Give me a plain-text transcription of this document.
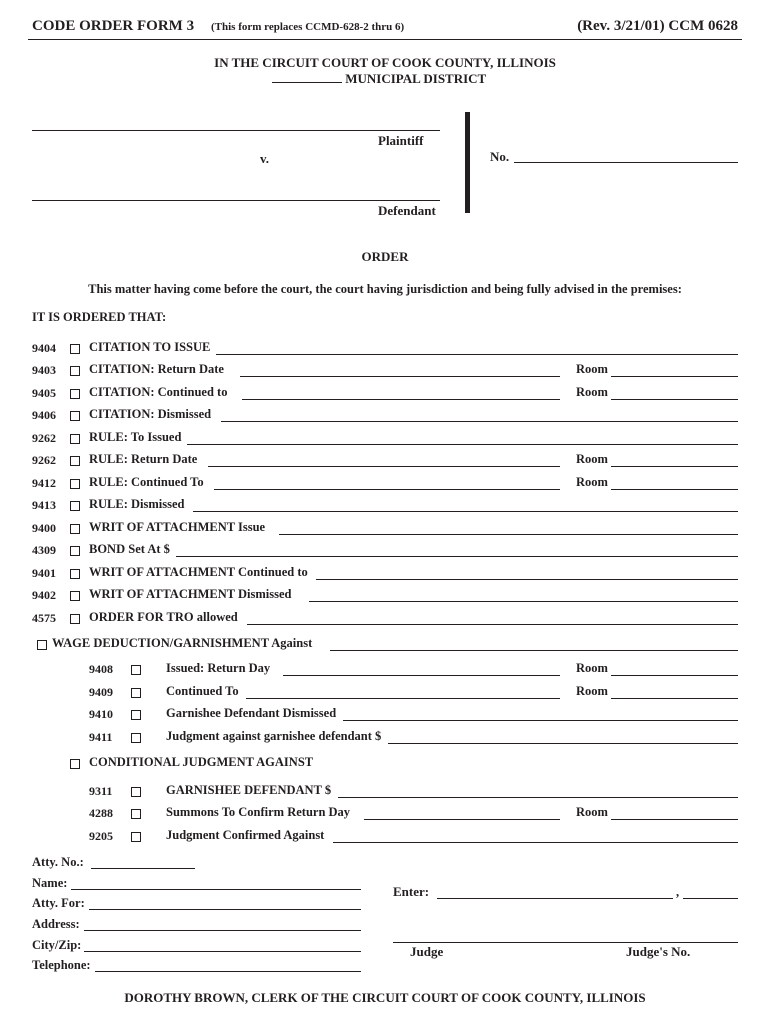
CODE ORDER FORM 3 (This form replaces CCMD-628-2 thru 6)	(Rev. 3/21/01) CCM 0628
IN THE CIRCUIT COURT OF COOK COUNTY, ILLINOIS
MUNICIPAL DISTRICT
Plaintiff
v.
Defendant
No.
ORDER
This matter having come before the court, the court having jurisdiction and being fully advised in the premises:
IT IS ORDERED THAT:
9404	CITATION TO ISSUE
9403	CITATION: Return Date	Room
9405	CITATION: Continued to	Room
9406	CITATION: Dismissed
9262	RULE: To Issued
9262	RULE: Return Date	Room
9412	RULE: Continued To	Room
9413	RULE: Dismissed
9400	WRIT OF ATTACHMENT Issue
4309	BOND Set At $
9401	WRIT OF ATTACHMENT Continued to
9402	WRIT OF ATTACHMENT Dismissed
4575	ORDER FOR TRO allowed
WAGE DEDUCTION/GARNISHMENT Against
9408	Issued: Return Day	Room
9409	Continued To	Room
9410	Garnishee Defendant Dismissed
9411	Judgment against garnishee defendant $
CONDITIONAL JUDGMENT AGAINST
9311	GARNISHEE DEFENDANT $
4288	Summons To Confirm Return Day	Room
9205	Judgment Confirmed Against
Atty. No.:
Name:
Atty. For:
Address:
City/Zip:
Telephone:
Enter:	,
Judge	Judge's No.
DOROTHY BROWN, CLERK OF THE CIRCUIT COURT OF COOK COUNTY, ILLINOIS
